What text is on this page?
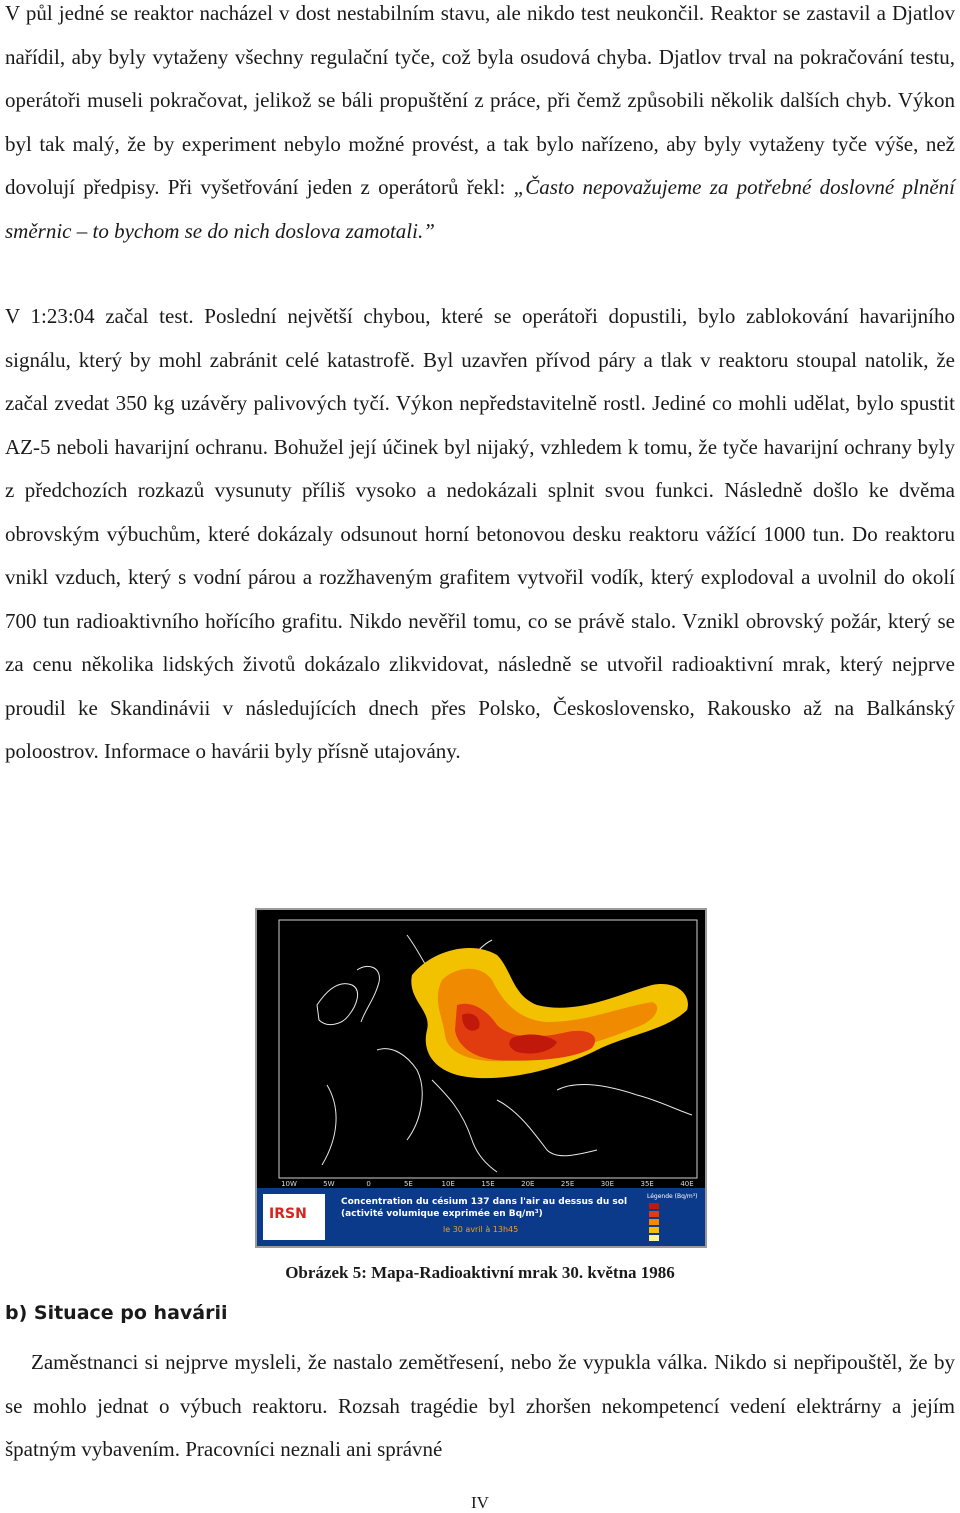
V půl jedné se reaktor nacházel v dost nestabilním stavu, ale nikdo test neukončil. Reaktor se zastavil a Djatlov nařídil, aby byly vytaženy všechny regulační tyče, což byla osudová chyba. Djatlov trval na pokračování testu, operátoři museli pokračovat, jelikož se báli propuštění z práce, při čemž způsobili několik dalších chyb. Výkon byl tak malý, že by experiment nebylo možné provést, a tak bylo nařízeno, aby byly vytaženy tyče výše, než dovolují předpisy. Při vyšetřování jeden z operátorů řekl: „Často nepovažujeme za potřebné doslovné plnění směrnic – to bychom se do nich doslova zamotali.”

V 1:23:04 začal test. Poslední největší chybou, které se operátoři dopustili, bylo zablokování havarijního signálu, který by mohl zabránit celé katastrofě. Byl uzavřen přívod páry a tlak v reaktoru stoupal natolik, že začal zvedat 350 kg uzávěry palivových tyčí. Výkon nepředstavitelně rostl. Jediné co mohli udělat, bylo spustit AZ-5 neboli havarijní ochranu. Bohužel její účinek byl nijaký, vzhledem k tomu, že tyče havarijní ochrany byly z předchozích rozkazů vysunuty příliš vysoko a nedokázali splnit svou funkci. Následně došlo ke dvěma obrovským výbuchům, které dokázaly odsunout horní betonovou desku reaktoru vážící 1000 tun. Do reaktoru vnikl vzduch, který s vodní párou a rozžhaveným grafitem vytvořil vodík, který explodoval a uvolnil do okolí 700 tun radioaktivního hořícího grafitu. Nikdo nevěřil tomu, co se právě stalo. Vznikl obrovský požár, který se za cenu několika lidských životů dokázalo zlikvidovat, následně se utvořil radioaktivní mrak, který nejprve proudil ke Skandinávii v následujících dnech přes Polsko, Československo, Rakousko až na Balkánský poloostrov. Informace o havárii byly přísně utajovány.

10W	5W	0	5E	10E	15E	20E	25E	30E	35E	40E
IRSN
Concentration du césium 137 dans l'air au dessus du sol
(activité volumique exprimée en Bq/m³)
le 30 avril à 13h45
Légende (Bq/m³)
Obrázek 5: Mapa-Radioaktivní mrak 30. května 1986
b) Situace po havárii

Zaměstnanci si nejprve mysleli, že nastalo zemětřesení, nebo že vypukla válka. Nikdo si nepřipouštěl, že by se mohlo jednat o výbuch reaktoru. Rozsah tragédie byl zhoršen nekompetencí vedení elektrárny a jejím špatným vybavením. Pracovníci neznali ani správné

IV
